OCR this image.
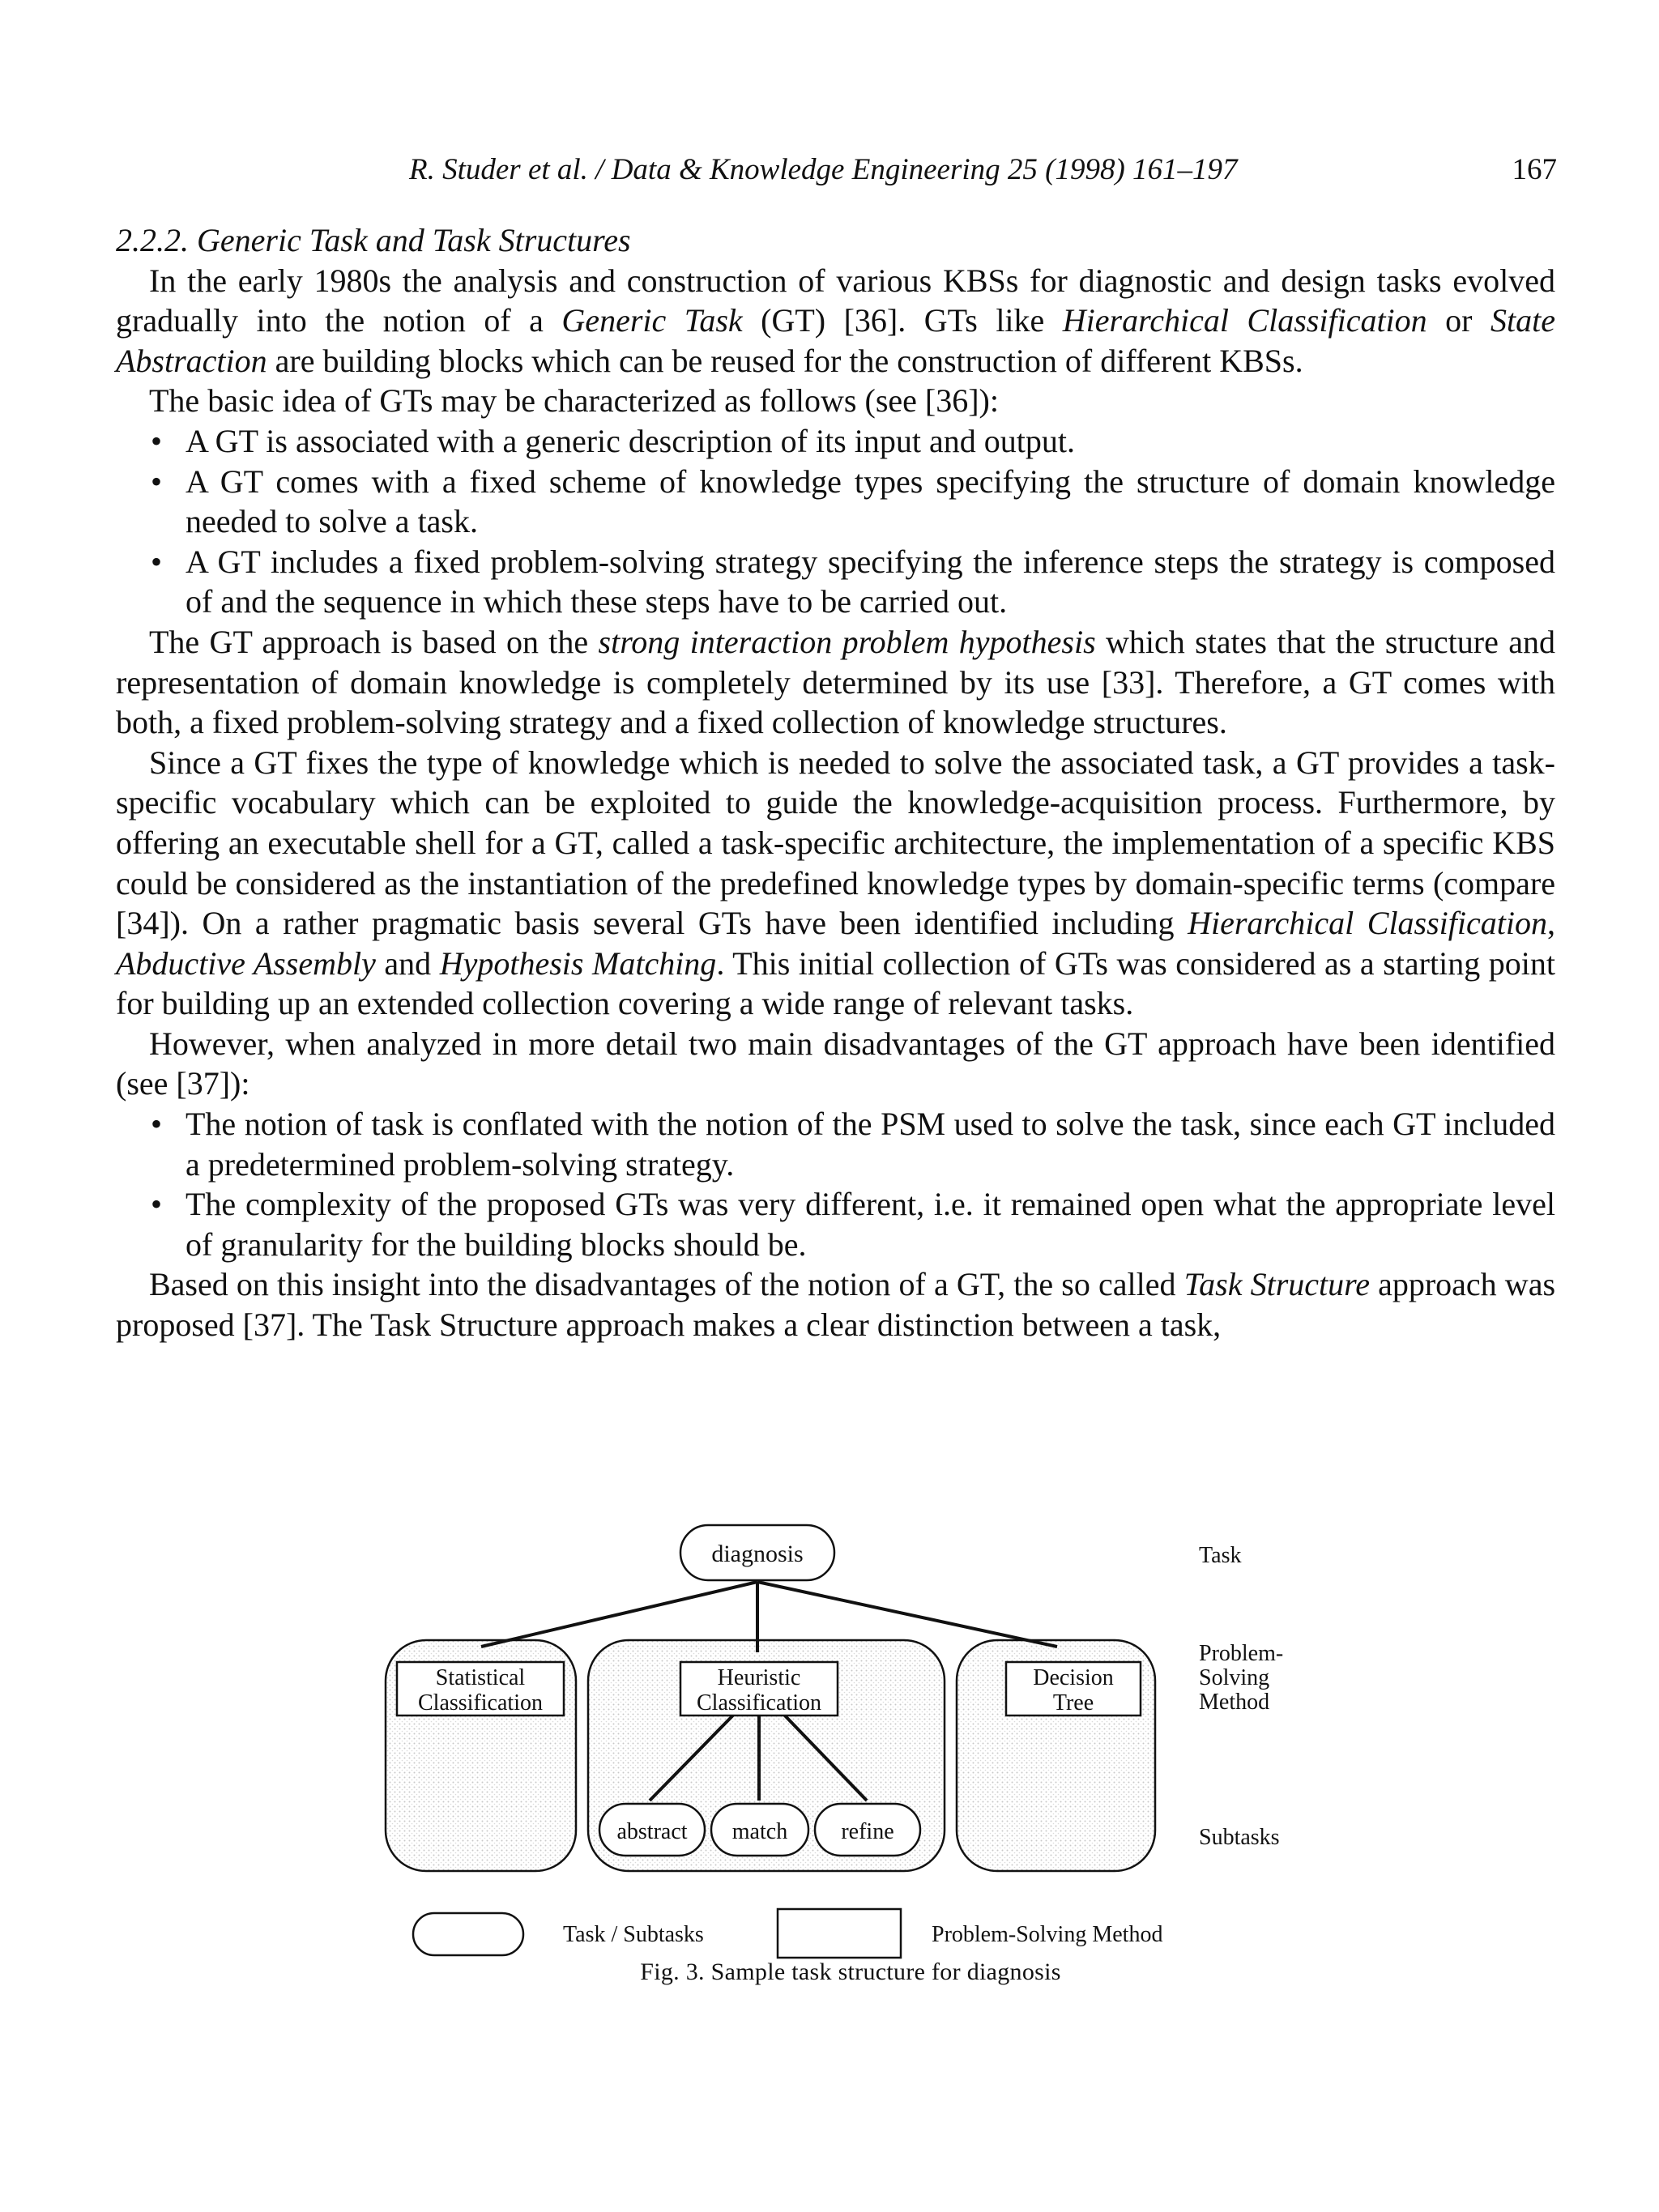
R. Studer et al. / Data & Knowledge Engineering 25 (1998) 161–197	167
2.2.2. Generic Task and Task Structures

In the early 1980s the analysis and construction of various KBSs for diagnostic and design tasks evolved gradually into the notion of a Generic Task (GT) [36]. GTs like Hierarchical Classification or State Abstraction are building blocks which can be reused for the construction of different KBSs.

The basic idea of GTs may be characterized as follows (see [36]):

• A GT is associated with a generic description of its input and output.
• A GT comes with a fixed scheme of knowledge types specifying the structure of domain knowledge needed to solve a task.
• A GT includes a fixed problem-solving strategy specifying the inference steps the strategy is composed of and the sequence in which these steps have to be carried out.

The GT approach is based on the strong interaction problem hypothesis which states that the structure and representation of domain knowledge is completely determined by its use [33]. Therefore, a GT comes with both, a fixed problem-solving strategy and a fixed collection of knowledge structures.

Since a GT fixes the type of knowledge which is needed to solve the associated task, a GT provides a task-specific vocabulary which can be exploited to guide the knowledge-acquisition process. Furthermore, by offering an executable shell for a GT, called a task-specific architecture, the implementation of a specific KBS could be considered as the instantiation of the predefined knowledge types by domain-specific terms (compare [34]). On a rather pragmatic basis several GTs have been identified including Hierarchical Classification, Abductive Assembly and Hypothesis Matching. This initial collection of GTs was considered as a starting point for building up an extended collection covering a wide range of relevant tasks.

However, when analyzed in more detail two main disadvantages of the GT approach have been identified (see [37]):

• The notion of task is conflated with the notion of the PSM used to solve the task, since each GT included a predetermined problem-solving strategy.
• The complexity of the proposed GTs was very different, i.e. it remained open what the appropriate level of granularity for the building blocks should be.

Based on this insight into the disadvantages of the notion of a GT, the so called Task Structure approach was proposed [37]. The Task Structure approach makes a clear distinction between a task,

diagnosis
Statistical
Classification
Heuristic
Classification
Decision
Tree
abstract match refine
Task
Problem-
Solving
Method
Subtasks
Task / Subtasks	Problem-Solving Method
Fig. 3. Sample task structure for diagnosis
